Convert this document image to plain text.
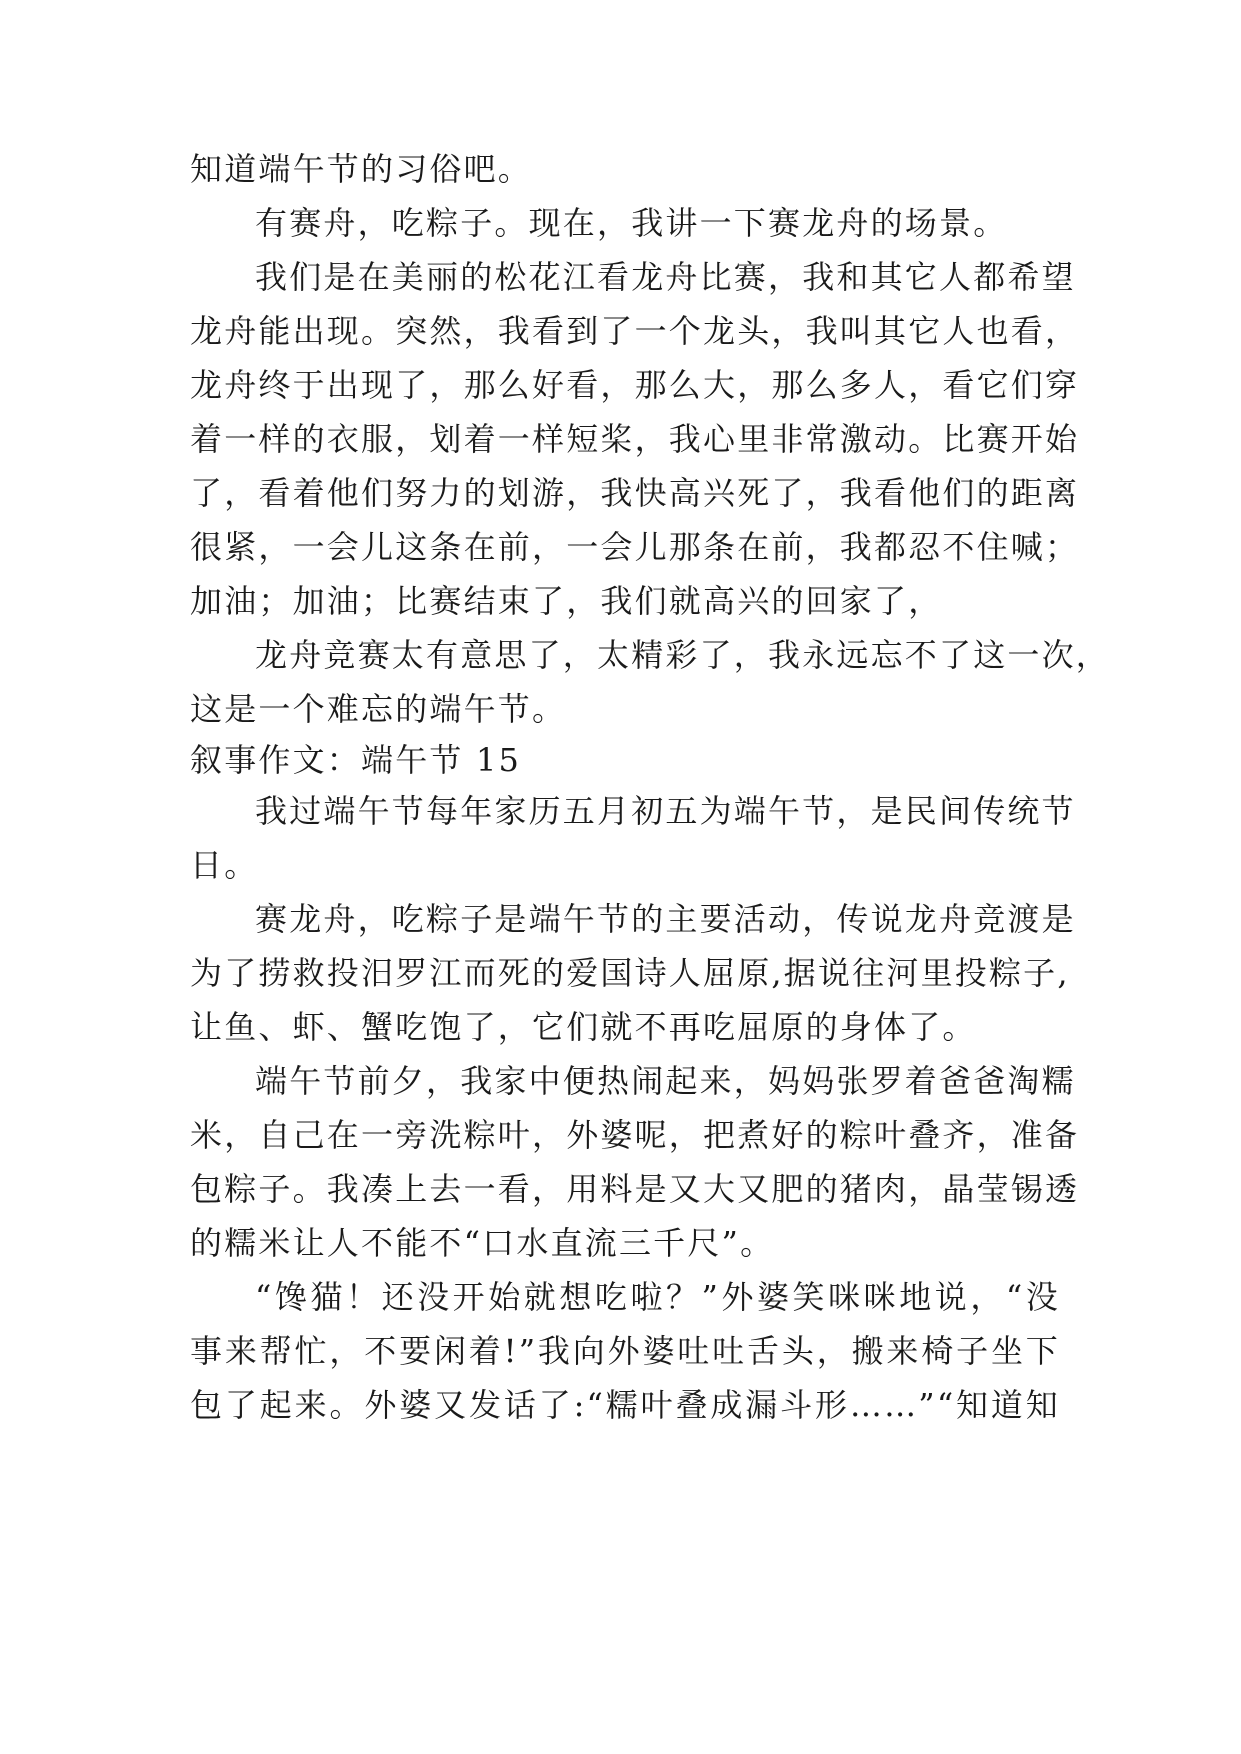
知道端午节的习俗吧。
有赛舟，吃粽子。现在，我讲一下赛龙舟的场景。
我们是在美丽的松花江看龙舟比赛，我和其它人都希望
龙舟能出现。突然，我看到了一个龙头，我叫其它人也看，
龙舟终于出现了，那么好看，那么大，那么多人，看它们穿
着一样的衣服，划着一样短桨，我心里非常激动。比赛开始
了，看着他们努力的划游，我快高兴死了，我看他们的距离
很紧，一会儿这条在前，一会儿那条在前，我都忍不住喊；
加油；加油；比赛结束了，我们就高兴的回家了，
龙舟竞赛太有意思了，太精彩了，我永远忘不了这一次，
这是一个难忘的端午节。
叙事作文：端午节 15
我过端午节每年家历五月初五为端午节，是民间传统节
日。
赛龙舟，吃粽子是端午节的主要活动，传说龙舟竞渡是
为了捞救投汨罗江而死的爱国诗人屈原,据说往河里投粽子,
让鱼、虾、蟹吃饱了，它们就不再吃屈原的身体了。
端午节前夕，我家中便热闹起来，妈妈张罗着爸爸淘糯
米，自己在一旁洗粽叶，外婆呢，把煮好的粽叶叠齐，准备
包粽子。我凑上去一看，用料是又大又肥的猪肉，晶莹锡透
的糯米让人不能不“口水直流三千尺”。
“馋猫！还没开始就想吃啦？”外婆笑咪咪地说，“没
事来帮忙，不要闲着!”我向外婆吐吐舌头，搬来椅子坐下
包了起来。外婆又发话了:“糯叶叠成漏斗形……”“知道知
